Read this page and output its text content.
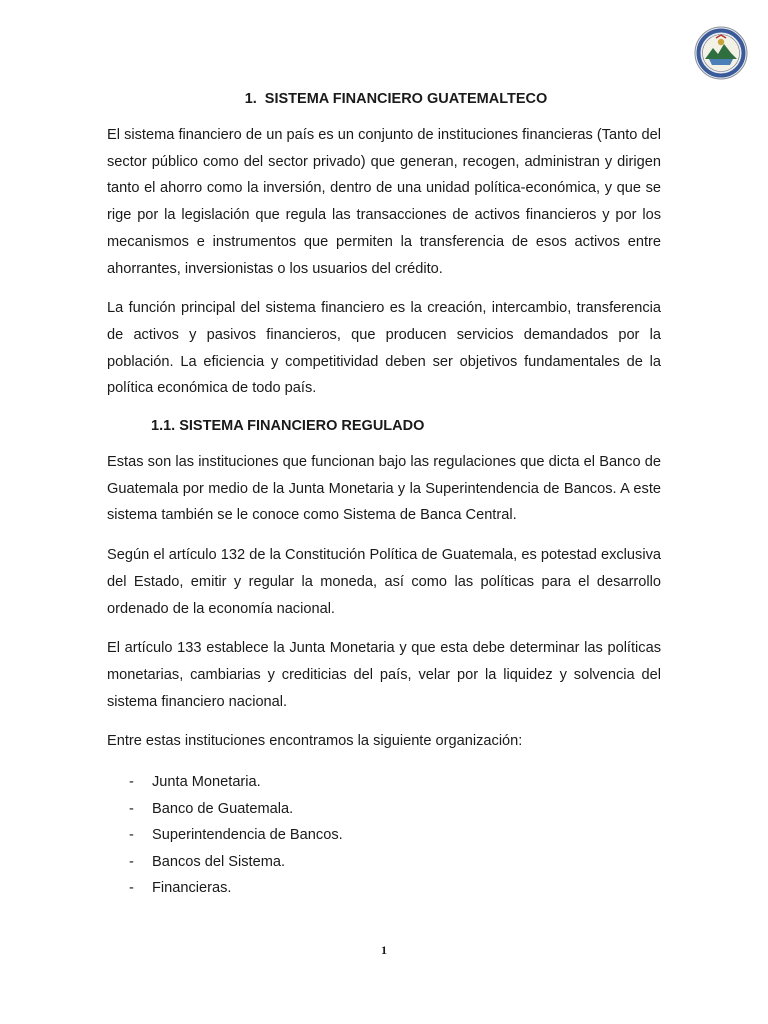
1. SISTEMA FINANCIERO GUATEMALTECO

El sistema financiero de un país es un conjunto de instituciones financieras (Tanto del sector público como del sector privado) que generan, recogen, administran y dirigen tanto el ahorro como la inversión, dentro de una unidad política-económica, y que se rige por la legislación que regula las transacciones de activos financieros y por los mecanismos e instrumentos que permiten la transferencia de esos activos entre ahorrantes, inversionistas o los usuarios del crédito.

La función principal del sistema financiero es la creación, intercambio, transferencia de activos y pasivos financieros, que producen servicios demandados por la población. La eficiencia y competitividad deben ser objetivos fundamentales de la política económica de todo país.

1.1. SISTEMA FINANCIERO REGULADO

Estas son las instituciones que funcionan bajo las regulaciones que dicta el Banco de Guatemala por medio de la Junta Monetaria y la Superintendencia de Bancos. A este sistema también se le conoce como Sistema de Banca Central.

Según el artículo 132 de la Constitución Política de Guatemala, es potestad exclusiva del Estado, emitir y regular la moneda, así como las políticas para el desarrollo ordenado de la economía nacional.

El artículo 133 establece la Junta Monetaria y que esta debe determinar las políticas monetarias, cambiarias y crediticias del país, velar por la liquidez y solvencia del sistema financiero nacional.

Entre estas instituciones encontramos la siguiente organización:

- Junta Monetaria.
- Banco de Guatemala.
- Superintendencia de Bancos.
- Bancos del Sistema.
- Financieras.
1
